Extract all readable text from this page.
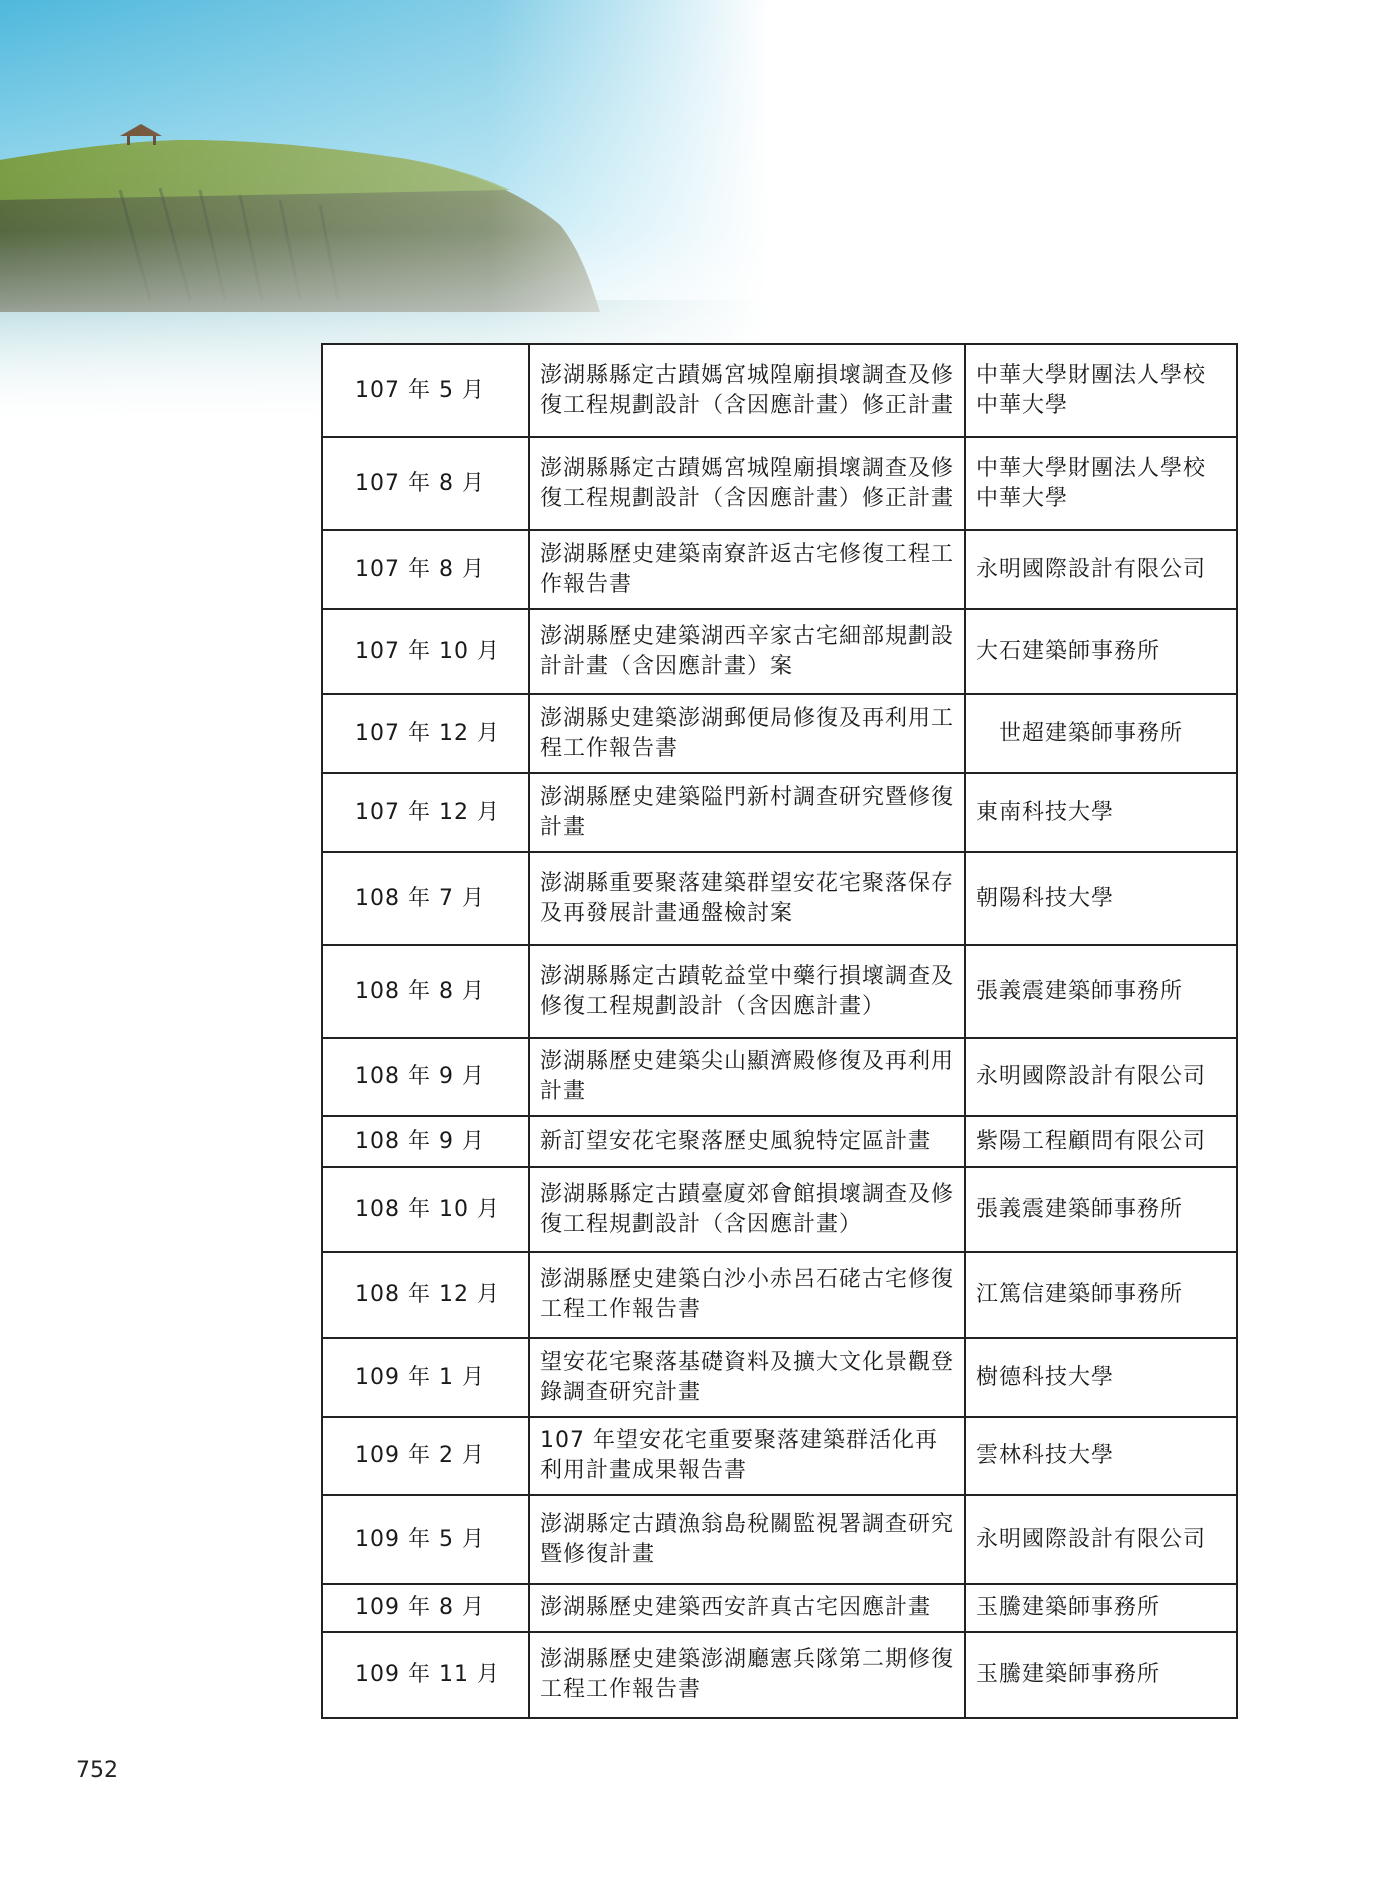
107 年 5 月	澎湖縣縣定古蹟媽宮城隍廟損壞調查及修復工程規劃設計（含因應計畫）修正計畫	中華大學財團法人學校中華大學
107 年 8 月	澎湖縣縣定古蹟媽宮城隍廟損壞調查及修復工程規劃設計（含因應計畫）修正計畫	中華大學財團法人學校中華大學
107 年 8 月	澎湖縣歷史建築南寮許返古宅修復工程工作報告書	永明國際設計有限公司
107 年 10 月	澎湖縣歷史建築湖西辛家古宅細部規劃設計計畫（含因應計畫）案	大石建築師事務所
107 年 12 月	澎湖縣史建築澎湖郵便局修復及再利用工程工作報告書	　世超建築師事務所
107 年 12 月	澎湖縣歷史建築隘門新村調查研究暨修復計畫	東南科技大學
108 年 7 月	澎湖縣重要聚落建築群望安花宅聚落保存及再發展計畫通盤檢討案	朝陽科技大學
108 年 8 月	澎湖縣縣定古蹟乾益堂中藥行損壞調查及修復工程規劃設計（含因應計畫）	張義震建築師事務所
108 年 9 月	澎湖縣歷史建築尖山顯濟殿修復及再利用計畫	永明國際設計有限公司
108 年 9 月	新訂望安花宅聚落歷史風貌特定區計畫	紫陽工程顧問有限公司
108 年 10 月	澎湖縣縣定古蹟臺廈郊會館損壞調查及修復工程規劃設計（含因應計畫）	張義震建築師事務所
108 年 12 月	澎湖縣歷史建築白沙小赤呂石硓古宅修復工程工作報告書	江篤信建築師事務所
109 年 1 月	望安花宅聚落基礎資料及擴大文化景觀登錄調查研究計畫	樹德科技大學
109 年 2 月	107 年望安花宅重要聚落建築群活化再利用計畫成果報告書	雲林科技大學
109 年 5 月	澎湖縣定古蹟漁翁島稅關監視署調查研究暨修復計畫	永明國際設計有限公司
109 年 8 月	澎湖縣歷史建築西安許真古宅因應計畫	玉騰建築師事務所
109 年 11 月	澎湖縣歷史建築澎湖廳憲兵隊第二期修復工程工作報告書	玉騰建築師事務所
752
